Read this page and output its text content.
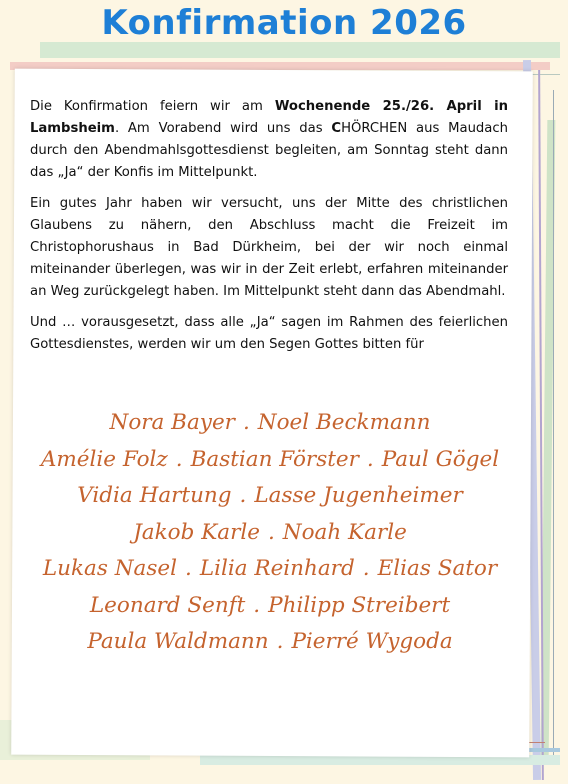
Konfirmation 2026

Die Konfirmation feiern wir am Wochenende 25./26. April in Lambsheim. Am Vorabend wird uns das CHÖRCHEN aus Maudach durch den Abendmahlsgottesdienst begleiten, am Sonntag steht dann das „Ja“ der Konfis im Mittelpunkt.

Ein gutes Jahr haben wir versucht, uns der Mitte des christlichen Glaubens zu nähern, den Abschluss macht die Freizeit im Christophorushaus in Bad Dürkheim, bei der wir noch einmal miteinander überlegen, was wir in der Zeit erlebt, erfahren miteinander an Weg zurückgelegt haben. Im Mittelpunkt steht dann das Abendmahl.

Und … vorausgesetzt, dass alle „Ja“ sagen im Rahmen des feierlichen Gottesdienstes, werden wir um den Segen Gottes bitten für

Nora Bayer . Noel Beckmann
Amélie Folz . Bastian Förster . Paul Gögel
Vidia Hartung . Lasse Jugenheimer
Jakob Karle . Noah Karle
Lukas Nasel . Lilia Reinhard . Elias Sator
Leonard Senft . Philipp Streibert
Paula Waldmann . Pierré Wygoda
